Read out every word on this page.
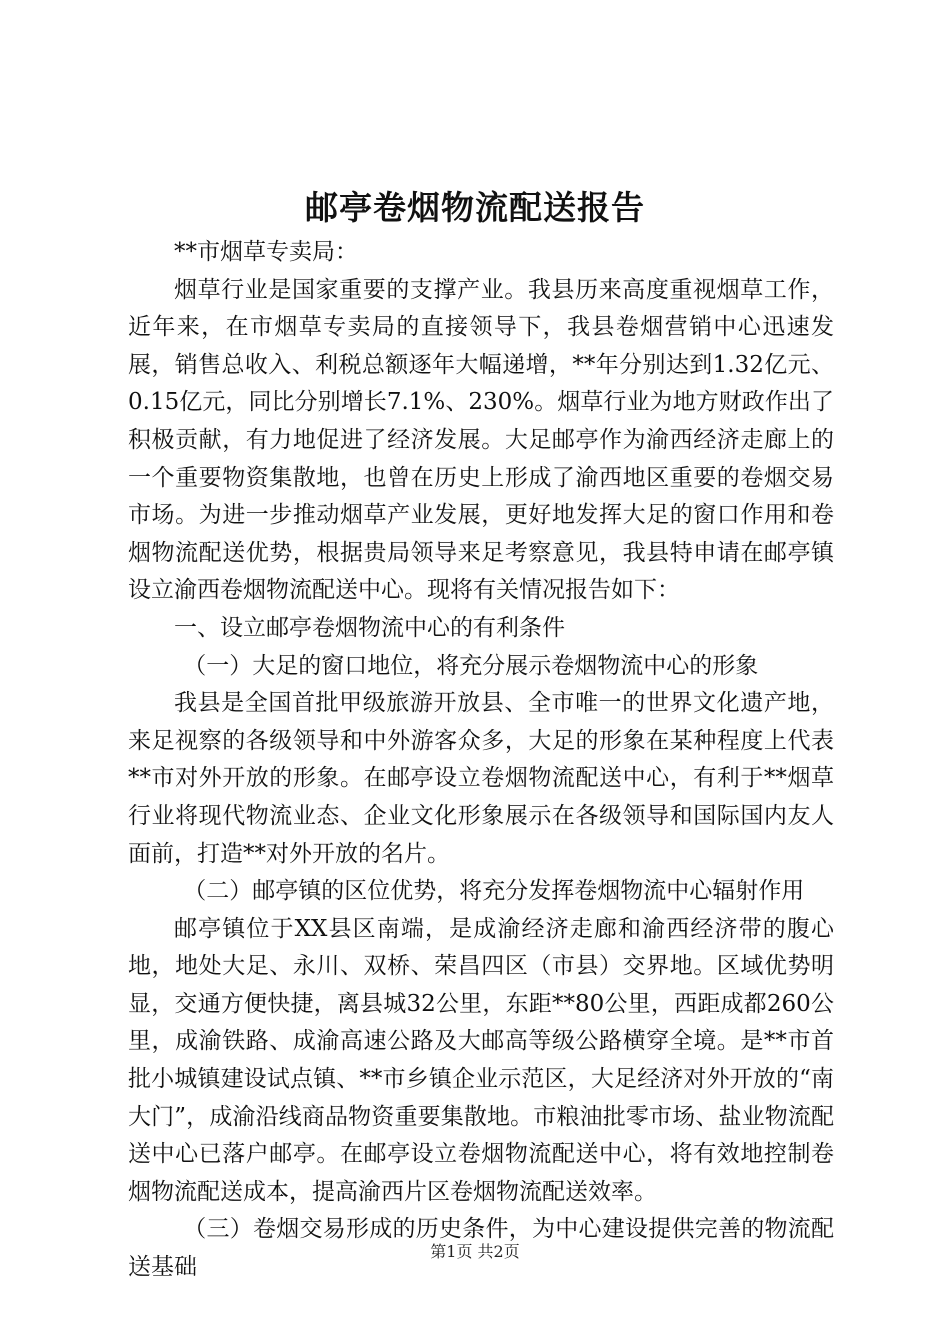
邮亭卷烟物流配送报告

**市烟草专卖局：

烟草行业是国家重要的支撑产业。我县历来高度重视烟草工作，近年来，在市烟草专卖局的直接领导下，我县卷烟营销中心迅速发展，销售总收入、利税总额逐年大幅递增，**年分别达到1.32亿元、0.15亿元，同比分别增长7.1%、230%。烟草行业为地方财政作出了积极贡献，有力地促进了经济发展。大足邮亭作为渝西经济走廊上的一个重要物资集散地，也曾在历史上形成了渝西地区重要的卷烟交易市场。为进一步推动烟草产业发展，更好地发挥大足的窗口作用和卷烟物流配送优势，根据贵局领导来足考察意见，我县特申请在邮亭镇设立渝西卷烟物流配送中心。现将有关情况报告如下：

一、设立邮亭卷烟物流中心的有利条件

（一）大足的窗口地位，将充分展示卷烟物流中心的形象

我县是全国首批甲级旅游开放县、全市唯一的世界文化遗产地，来足视察的各级领导和中外游客众多，大足的形象在某种程度上代表**市对外开放的形象。在邮亭设立卷烟物流配送中心，有利于**烟草行业将现代物流业态、企业文化形象展示在各级领导和国际国内友人面前，打造**对外开放的名片。

（二）邮亭镇的区位优势，将充分发挥卷烟物流中心辐射作用

邮亭镇位于XX县区南端，是成渝经济走廊和渝西经济带的腹心地，地处大足、永川、双桥、荣昌四区（市县）交界地。区域优势明显，交通方便快捷，离县城32公里，东距**80公里，西距成都260公里，成渝铁路、成渝高速公路及大邮高等级公路横穿全境。是**市首批小城镇建设试点镇、**市乡镇企业示范区，大足经济对外开放的“南大门”，成渝沿线商品物资重要集散地。市粮油批零市场、盐业物流配送中心已落户邮亭。在邮亭设立卷烟物流配送中心，将有效地控制卷烟物流配送成本，提高渝西片区卷烟物流配送效率。

（三）卷烟交易形成的历史条件，为中心建设提供完善的物流配送基础

第1页 共2页
